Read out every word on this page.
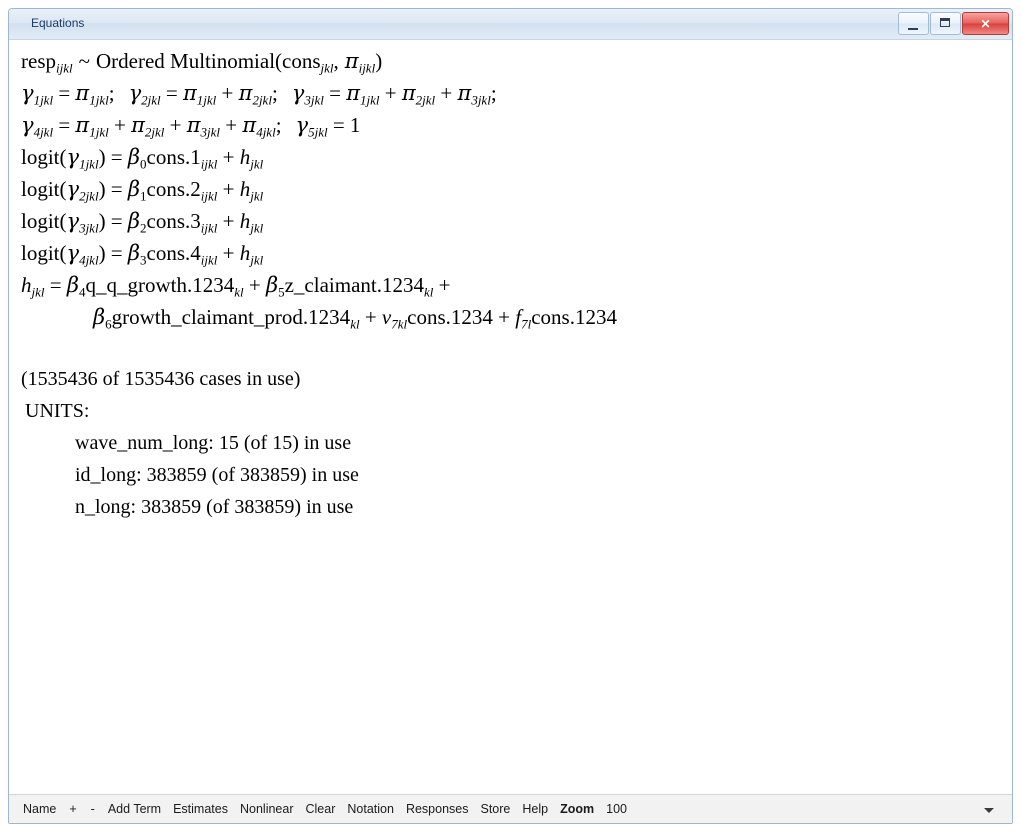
Equations	✕
resp$_{ijkl}$ ~ Ordered Multinomial(cons$_{jkl}$, $\pi_{ijkl}$)
$\gamma_{1jkl} = \pi_{1jkl}$; $\gamma_{2jkl} = \pi_{1jkl} + \pi_{2jkl}$; $\gamma_{3jkl} = \pi_{1jkl} + \pi_{2jkl} + \pi_{3jkl}$;
$\gamma_{4jkl} = \pi_{1jkl} + \pi_{2jkl} + \pi_{3jkl} + \pi_{4jkl}$; $\gamma_{5jkl} = 1$
$logit(\gamma_{1jkl})$ = $\beta_0cons.1_{ijkl} + h_{jkl}$
$logit(\gamma_{2jkl})$ = $\beta_1cons.2_{ijkl} + h_{jkl}$
$logit(\gamma_{3jkl})$ = $\beta_2cons.3_{ijkl} + h_{jkl}$
$logit(\gamma_{4jkl})$ = $\beta_3cons.4_{ijkl} + h_{jkl}$
$h_{jkl}$ = $\beta_4q\_q\_growth.1234_{kl}$ + $\beta_5z\_claimant.1234_{kl}$ +
$\beta_6growth\_claimant\_prod.1234_{kl}$ + $v_{7kl}cons.1234$ + $f_{7l}cons.1234$
(1535436 of 1535436 cases in use)
UNITS:
wave_num_long: 15 (of 15) in use
id_long: 383859 (of 383859) in use
n_long: 383859 (of 383859) in use
Name	+	-	Add Term Estimates Nonlinear Clear Notation Responses Store Help Zoom 100
